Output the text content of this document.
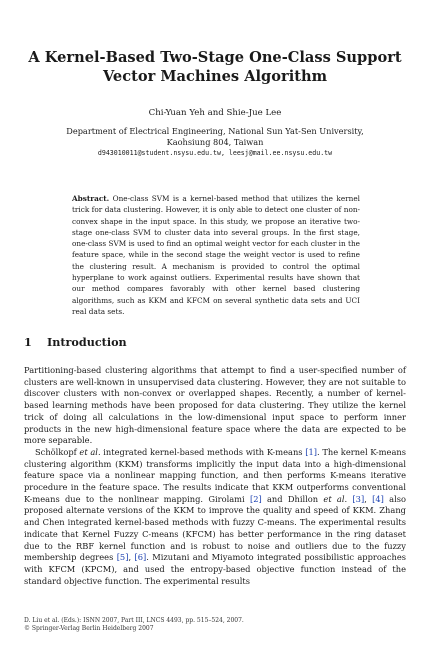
A Kernel-Based Two-Stage One-Class Support
Vector Machines Algorithm
Chi-Yuan Yeh and Shie-Jue Lee
Department of Electrical Engineering, National Sun Yat-Sen University,
Kaohsiung 804, Taiwan
d943010011@student.nsysu.edu.tw, leesj@mail.ee.nsysu.edu.tw
Abstract. One-class SVM is a kernel-based method that utilizes the kernel trick for data clustering. However, it is only able to detect one cluster of non-convex shape in the input space. In this study, we propose an iterative two-stage one-class SVM to cluster data into several groups. In the first stage, one-class SVM is used to find an optimal weight vector for each cluster in the feature space, while in the second stage the weight vector is used to refine the clustering result. A mechanism is provided to control the optimal hyperplane to work against outliers. Experimental results have shown that our method compares favorably with other kernel based clustering algorithms, such as KKM and KFCM on several synthetic data sets and UCI real data sets.
1 Introduction

Partitioning-based clustering algorithms that attempt to find a user-specified number of clusters are well-known in unsupervised data clustering. However, they are not suitable to discover clusters with non-convex or overlapped shapes. Recently, a number of kernel-based learning methods have been proposed for data clustering. They utilize the kernel trick of doing all calculations in the low-dimensional input space to perform inner products in the new high-dimensional feature space where the data are expected to be more separable.

Schölkopf et al. integrated kernel-based methods with K-means [1]. The kernel K-means clustering algorithm (KKM) transforms implicitly the input data into a high-dimensional feature space via a nonlinear mapping function, and then performs K-means iterative procedure in the feature space. The results indicate that KKM outperforms conventional K-means due to the nonlinear mapping. Girolami [2] and Dhillon et al. [3], [4] also proposed alternate versions of the KKM to improve the quality and speed of KKM. Zhang and Chen integrated kernel-based methods with fuzzy C-means. The experimental results indicate that Kernel Fuzzy C-means (KFCM) has better performance in the ring dataset due to the RBF kernel function and is robust to noise and outliers due to the fuzzy membership degrees [5], [6]. Mizutani and Miyamoto integrated possibilistic approaches with KFCM (KPCM), and used the entropy-based objective function instead of the standard objective function. The experimental results

D. Liu et al. (Eds.): ISNN 2007, Part III, LNCS 4493, pp. 515–524, 2007.
© Springer-Verlag Berlin Heidelberg 2007
